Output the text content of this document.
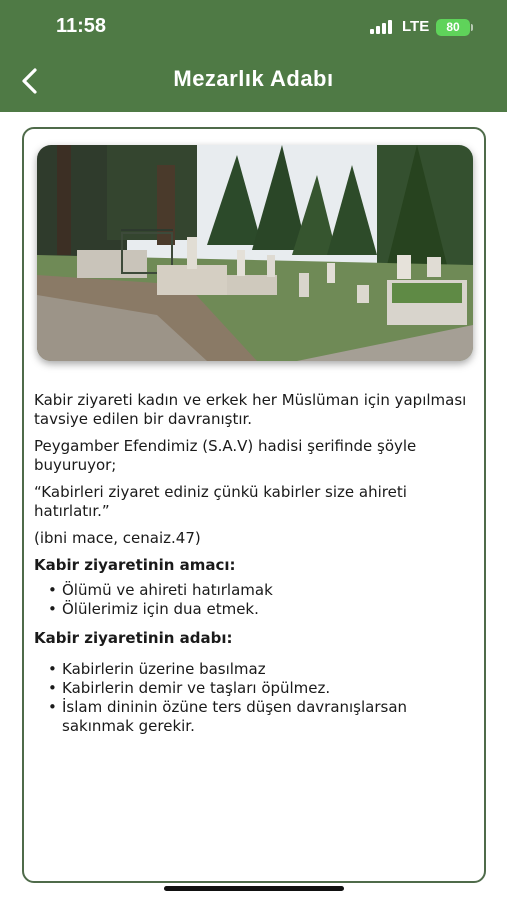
11:58	LTE	80
Mezarlık Adabı

Kabir ziyareti kadın ve erkek her Müslüman için yapılması tavsiye edilen bir davranıştır.

Peygamber Efendimiz (S.A.V) hadisi şerifinde şöyle buyuruyor;

“Kabirleri ziyaret ediniz çünkü kabirler size ahireti hatırlatır.”

(ibni mace, cenaiz.47)

Kabir ziyaretinin amacı:
• Ölümü ve ahireti hatırlamak
• Ölülerimiz için dua etmek.
Kabir ziyaretinin adabı:
• Kabirlerin üzerine basılmaz
• Kabirlerin demir ve taşları öpülmez.
• İslam dininin özüne ters düşen davranışlarsan sakınmak gerekir.
